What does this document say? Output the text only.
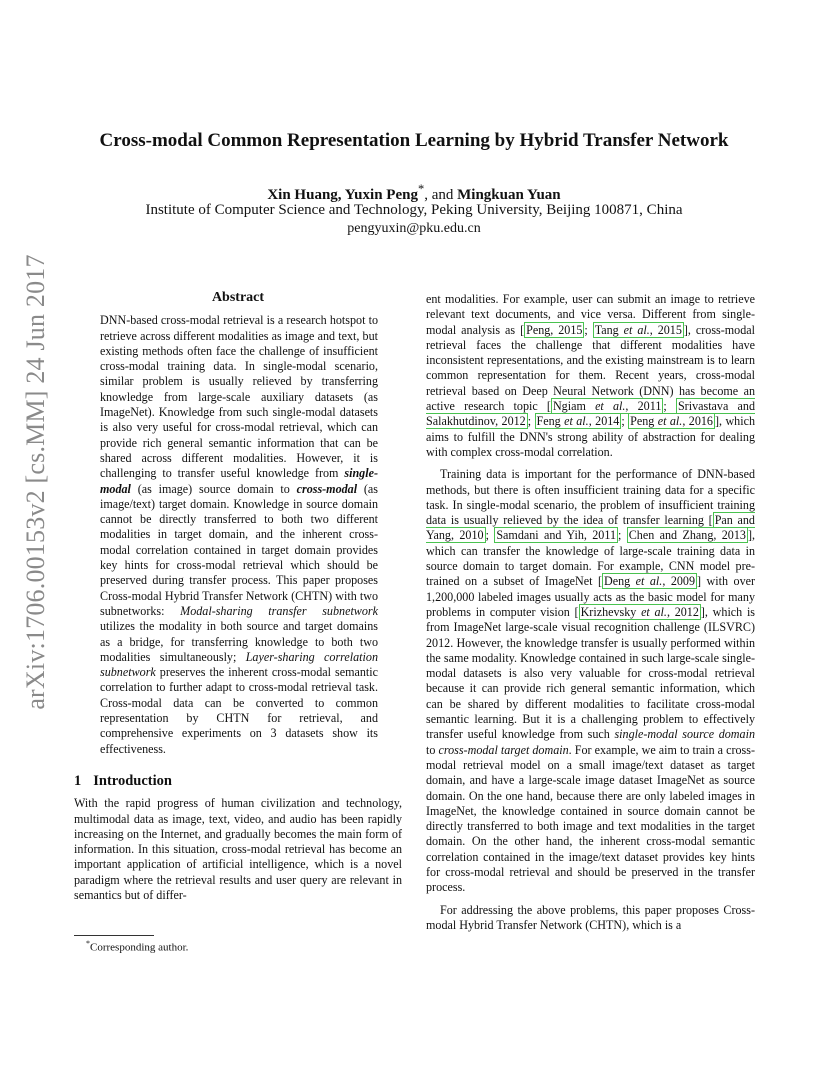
arXiv:1706.00153v2 [cs.MM] 24 Jun 2017
Cross-modal Common Representation Learning by Hybrid Transfer Network
Xin Huang, Yuxin Peng*, and Mingkuan Yuan
Institute of Computer Science and Technology, Peking University, Beijing 100871, China
pengyuxin@pku.edu.cn

Abstract

DNN-based cross-modal retrieval is a research hotspot to retrieve across different modalities as image and text, but existing methods often face the challenge of insufficient cross-modal training data. In single-modal scenario, similar problem is usually relieved by transferring knowledge from large-scale auxiliary datasets (as ImageNet). Knowledge from such single-modal datasets is also very useful for cross-modal retrieval, which can provide rich general semantic information that can be shared across different modalities. However, it is challenging to transfer useful knowledge from single-modal (as image) source domain to cross-modal (as image/text) target domain. Knowledge in source domain cannot be directly transferred to both two different modalities in target domain, and the inherent cross-modal correlation contained in target domain provides key hints for cross-modal retrieval which should be preserved during transfer process. This paper proposes Cross-modal Hybrid Transfer Network (CHTN) with two subnetworks: Modal-sharing transfer subnetwork utilizes the modality in both source and target domains as a bridge, for transferring knowledge to both two modalities simultaneously; Layer-sharing correlation subnetwork preserves the inherent cross-modal semantic correlation to further adapt to cross-modal retrieval task. Cross-modal data can be converted to common representation by CHTN for retrieval, and comprehensive experiments on 3 datasets show its effectiveness.

1 Introduction

With the rapid progress of human civilization and technology, multimodal data as image, text, video, and audio has been rapidly increasing on the Internet, and gradually becomes the main form of information. In this situation, cross-modal retrieval has become an important application of artificial intelligence, which is a novel paradigm where the retrieval results and user query are relevant in semantics but of differ-

ent modalities. For example, user can submit an image to retrieve relevant text documents, and vice versa. Different from single-modal analysis as [ Peng, 2015 ; Tang et al., 2015 ], cross-modal retrieval faces the challenge that different modalities have inconsistent representations, and the existing mainstream is to learn common representation for them. Recent years, cross-modal retrieval based on Deep Neural Network (DNN) has become an active research topic [ Ngiam et al., 2011 ; Srivastava and Salakhutdinov, 2012 ; Feng et al., 2014 ; Peng et al., 2016 ], which aims to fulfill the DNN's strong ability of abstraction for dealing with complex cross-modal correlation.

Training data is important for the performance of DNN-based methods, but there is often insufficient training data for a specific task. In single-modal scenario, the problem of insufficient training data is usually relieved by the idea of transfer learning [ Pan and Yang, 2010 ; Samdani and Yih, 2011 ; Chen and Zhang, 2013 ], which can transfer the knowledge of large-scale training data in source domain to target domain. For example, CNN model pre-trained on a subset of ImageNet [ Deng et al., 2009 ] with over 1,200,000 labeled images usually acts as the basic model for many problems in computer vision [ Krizhevsky et al., 2012 ], which is from ImageNet large-scale visual recognition challenge (ILSVRC) 2012. However, the knowledge transfer is usually performed within the same modality. Knowledge contained in such large-scale single-modal datasets is also very valuable for cross-modal retrieval because it can provide rich general semantic information, which can be shared by different modalities to facilitate cross-modal semantic learning. But it is a challenging problem to effectively transfer useful knowledge from such single-modal source domain to cross-modal target domain. For example, we aim to train a cross-modal retrieval model on a small image/text dataset as target domain, and have a large-scale image dataset ImageNet as source domain. On the one hand, because there are only labeled images in ImageNet, the knowledge contained in source domain cannot be directly transferred to both image and text modalities in the target domain. On the other hand, the inherent cross-modal semantic correlation contained in the image/text dataset provides key hints for cross-modal retrieval and should be preserved in the transfer process.

For addressing the above problems, this paper proposes Cross-modal Hybrid Transfer Network (CHTN), which is a

*Corresponding author.
